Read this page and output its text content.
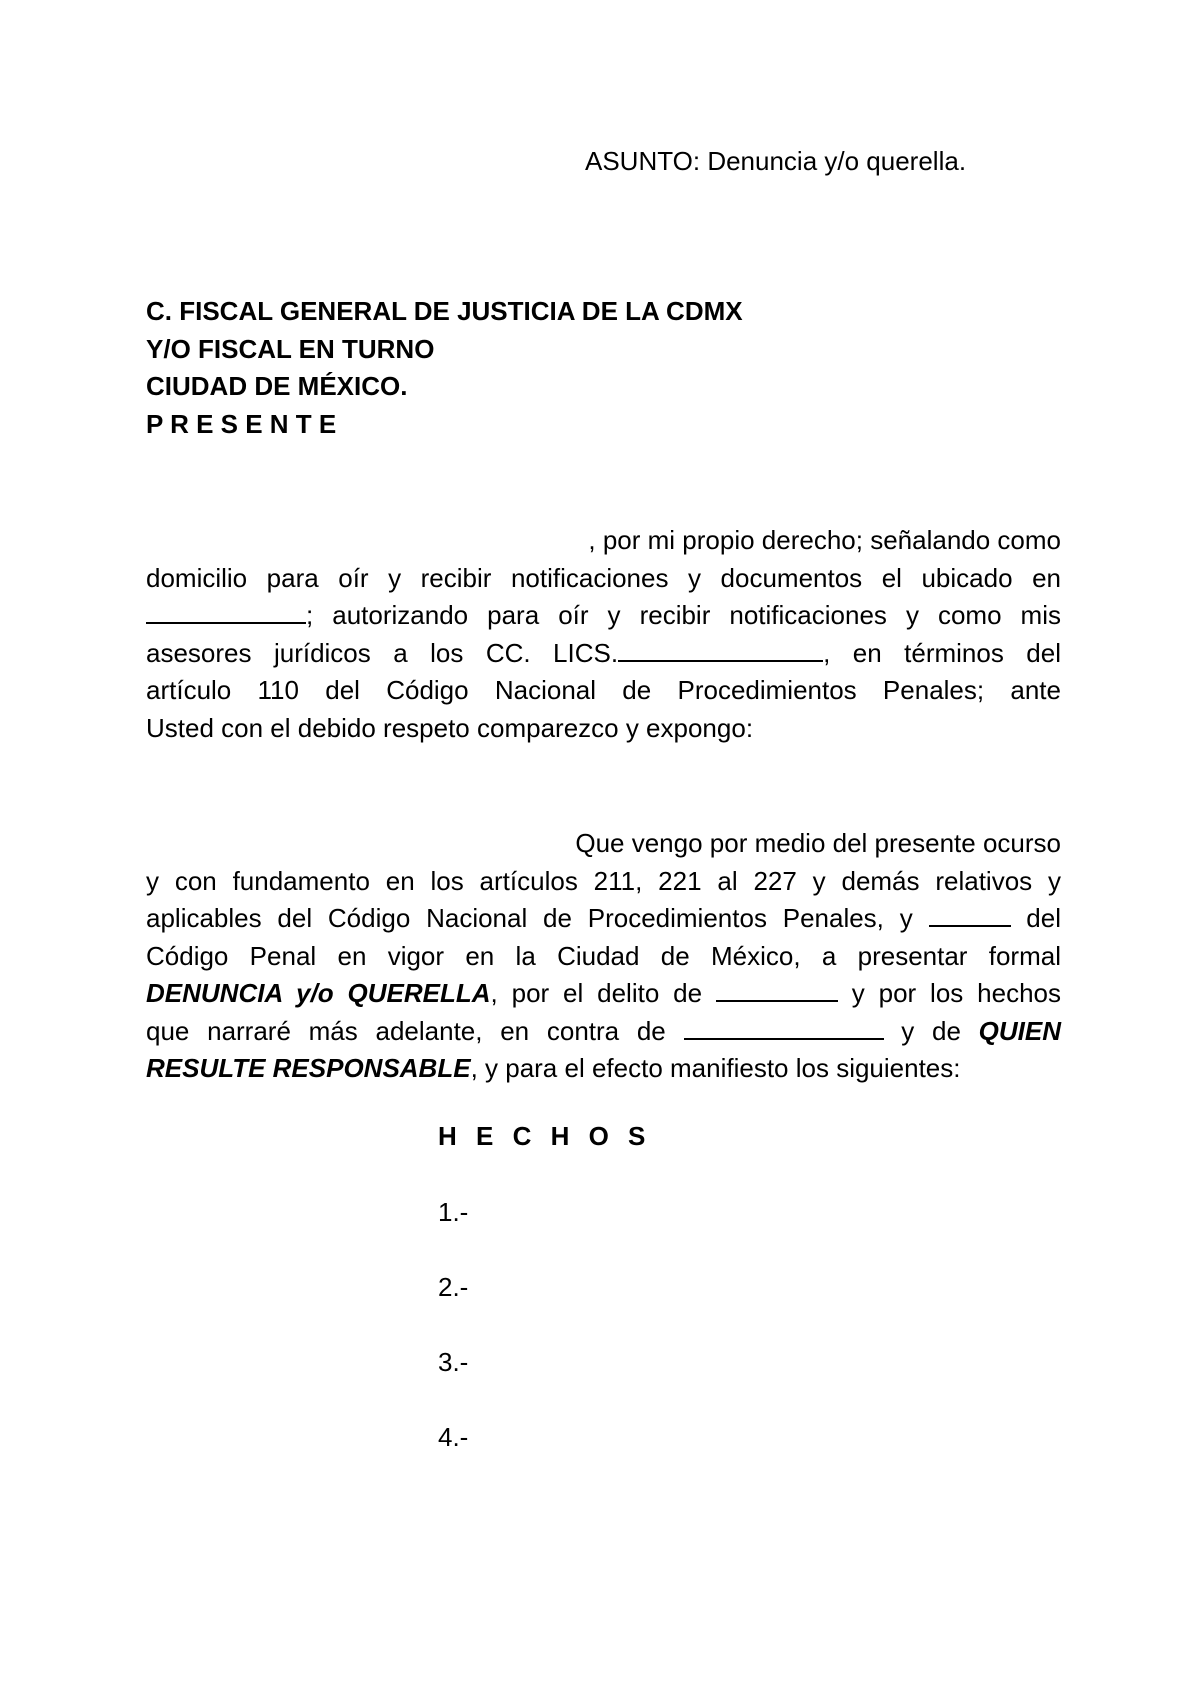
ASUNTO: Denuncia y/o querella.
C. FISCAL GENERAL DE JUSTICIA DE LA CDMX
Y/O FISCAL EN TURNO
CIUDAD DE MÉXICO.
P R E S E N T E
, por mi propio derecho; señalando como
domicilio para oír y recibir notificaciones y documentos el ubicado en
; autorizando para oír y recibir notificaciones y como mis
asesores jurídicos a los CC. LICS.	, en términos del
artículo 110 del Código Nacional de Procedimientos Penales; ante
Usted con el debido respeto comparezco y expongo:
Que vengo por medio del presente ocurso
y con fundamento en los artículos 211, 221 al 227 y demás relativos y
aplicables del Código Nacional de Procedimientos Penales, y	del
Código Penal en vigor en la Ciudad de México, a presentar formal
DENUNCIA y/o QUERELLA, por el delito de	y por los hechos
que narraré más adelante, en contra de	y de QUIEN
RESULTE RESPONSABLE, y para el efecto manifiesto los siguientes:
H E C H O S
1.-
2.-
3.-
4.-
